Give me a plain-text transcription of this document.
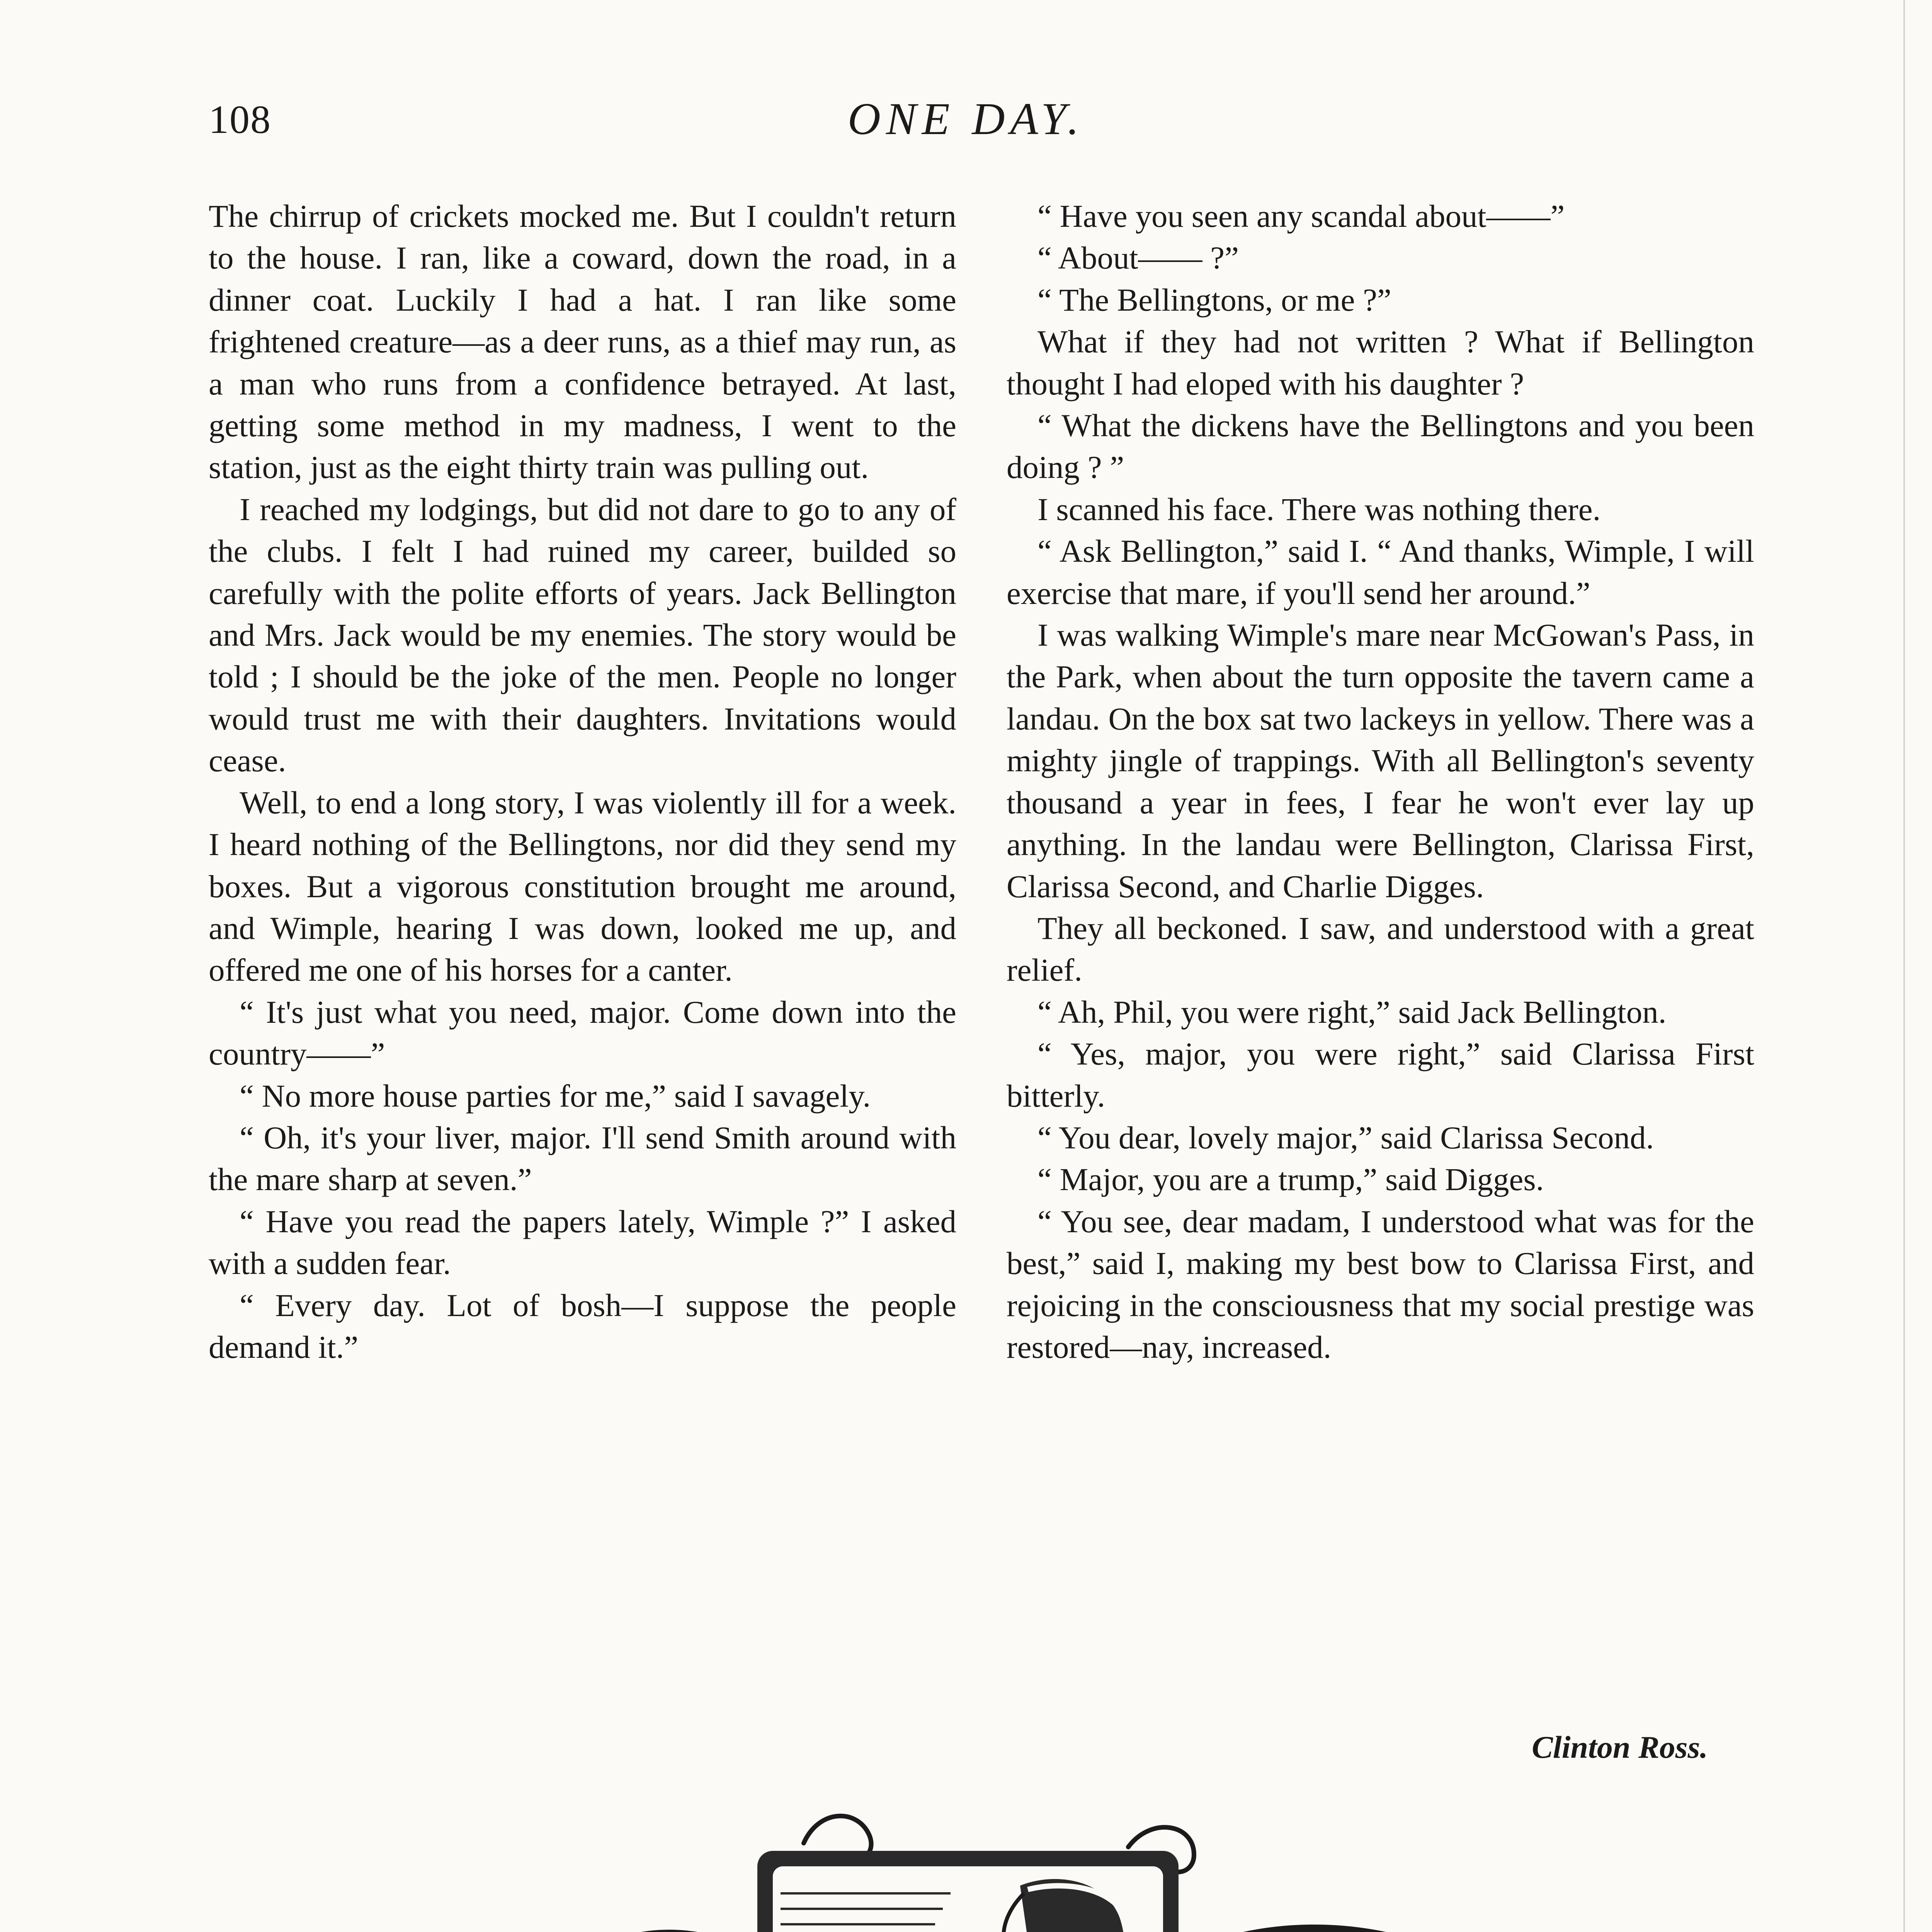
108	ONE DAY.

The chirrup of crickets mocked me. But I couldn't return to the house. I ran, like a coward, down the road, in a dinner coat. Luckily I had a hat. I ran like some frightened creature—as a deer runs, as a thief may run, as a man who runs from a confidence betrayed. At last, getting some method in my madness, I went to the station, just as the eight thirty train was pulling out.

I reached my lodgings, but did not dare to go to any of the clubs. I felt I had ruined my career, builded so carefully with the polite efforts of years. Jack Bellington and Mrs. Jack would be my enemies. The story would be told ; I should be the joke of the men. People no longer would trust me with their daughters. Invitations would cease.

Well, to end a long story, I was violently ill for a week. I heard nothing of the Bellingtons, nor did they send my boxes. But a vigorous constitution brought me around, and Wimple, hearing I was down, looked me up, and offered me one of his horses for a canter.

“ It's just what you need, major. Come down into the country——”

“ No more house parties for me,” said I savagely.

“ Oh, it's your liver, major. I'll send Smith around with the mare sharp at seven.”

“ Have you read the papers lately, Wimple ?” I asked with a sudden fear.

“ Every day. Lot of bosh—I suppose the people demand it.”

“ Have you seen any scandal about——”

“ About—— ?”

“ The Bellingtons, or me ?”

What if they had not written ? What if Bellington thought I had eloped with his daughter ?

“ What the dickens have the Bellingtons and you been doing ? ”

I scanned his face. There was nothing there.

“ Ask Bellington,” said I. “ And thanks, Wimple, I will exercise that mare, if you'll send her around.”

I was walking Wimple's mare near McGowan's Pass, in the Park, when about the turn opposite the tavern came a landau. On the box sat two lackeys in yellow. There was a mighty jingle of trappings. With all Bellington's seventy thousand a year in fees, I fear he won't ever lay up anything. In the landau were Bellington, Clarissa First, Clarissa Second, and Charlie Digges.

They all beckoned. I saw, and understood with a great relief.

“ Ah, Phil, you were right,” said Jack Bellington.

“ Yes, major, you were right,” said Clarissa First bitterly.

“ You dear, lovely major,” said Clarissa Second.

“ Major, you are a trump,” said Digges.

“ You see, dear madam, I understood what was for the best,” said I, making my best bow to Clarissa First, and rejoicing in the consciousness that my social prestige was restored—nay, increased.

Clinton Ross.
